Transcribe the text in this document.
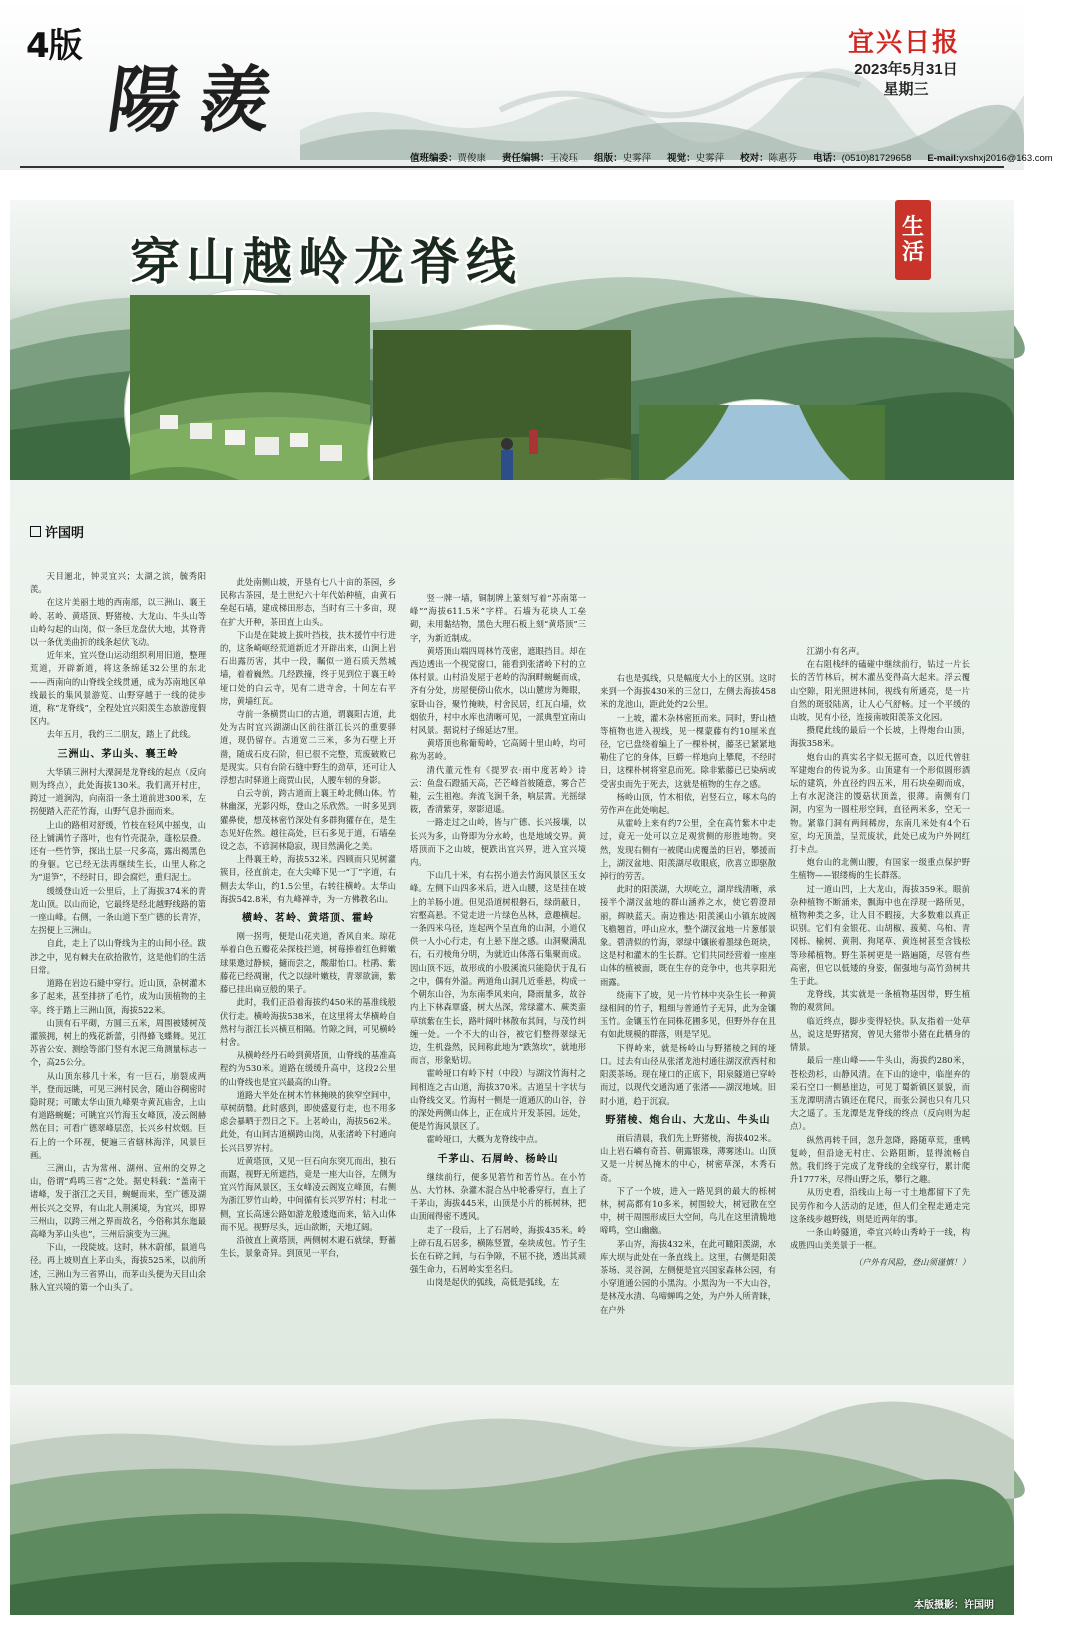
4版
陽羨
宜兴日报
2023年5月31日
星期三
值班编委：贾俊康 责任编辑：王凌珏 组版：史雾萍 视觉：史雾萍 校对：陈惠芬 电话：(0510)81729658 E-mail:yxshxj2016@163.com
穿山越岭龙脊线
生
活
许国明

天目逦北，钟灵宜兴；太湖之滨，毓秀阳羡。

在这片美丽土地的西南部，以三洲山、襄王岭、茗岭、黄塔顶、野猪棱、大龙山、牛头山等山岭勾起的山岗，似一条巨龙盘伏大地，其脊背以一条优美曲折的线条起伏飞动。

近年来，宜兴登山运动组织利用旧道，整理荒道，开辟新道，将这条绵延32公里的东北——西南向的山脊线全线贯通，成为苏南地区单线最长的集风景游览、山野穿越于一线的徒步道，称“龙脊线”，全程处宜兴阳羡生态旅游度假区内。

去年五月，我约三二朋友，踏上了此线。

三洲山、茅山头、襄王岭

大华镇三洲村大溧洞是龙脊线的起点（反向则为终点），此处海拔130米。我们离开村庄，跨过一道涧沟，向南沿一条土道前进300米，左拐便踏入茫茫竹海，山野气息扑面而来。

上山的路相对舒缓，竹枝在轻风中摇曳，山径上铺满竹子落叶，也有竹壳混杂，蓬松层叠。还有一些竹笋，探出土层一尺多高，露出褐黑色的身躯。它已经无法再继续生长，山里人称之为“退笋”，不经时日，即会腐烂，重归泥土。

缓缓登山近一公里后，上了海拔374米的青龙山顶。以山而论，它最终是经北越野线路的第一座山峰。右侧，一条山道下至广德的长青岕，左拐便上三洲山。

自此，走上了以山脊线为主的山间小径。跋涉之中，见有棘夫在砍拾散竹，这是他们的生活日常。

道路在岩边石縫中穿行。近山顶，杂树灌木多了起来，甚至排挤了毛竹，成为山顶植物的主宰。终于踏上三洲山顶，海拔522米。

山顶有石平砌，方圆三五米，周围被矮树茂灌簇拥，树上的残花新蕾，引得蜂飞蝶舞。见江苏省公安、测绘等部门竖有水泥三角测量标志一个，高25公分。

从山顶东移几十米，有一巨石，崩裂成两半，登而远眺，可见三洲村民舍，随山谷稠密时隐时现；可瞰太华山顶九峰栗寺黄瓦庙舍，上山有道路蜿蜒；可眺宜兴竹海玉女峰顶，凌云阁赫然在目；可看广德翠峰层峦，长兴乡村炊烟。巨石上的一个环视，便遍三省辖林海洋，风景巨画。

三洲山，古为常州、湖州、宣州的交界之山，俗谓“鸡鸣三省”之处。据史料载：“盖南干诸峰，发于浙江之天目，蜿蜒而来，至广德及湖州长兴之交界，有山北人荆溪境，为宜兴，即界三州山，以跨三州之界而故名，今俗称其东迤最高峰为茅山头也”，三州后演变为三洲。

下山，一段陡坡。这时，林木蔚郁，鼠道鸟径。再上坡则直上茅山头，海拔525米，以前所述，三洲山为三省界山，而茅山头便为天目山余脉入宜兴境的第一个山头了。

此处南侧山坡，开垦有七八十亩的茶园，乡民称古茶园，是土世纪六十年代始种植，由黄石垒起石墙，建成梯田形态，当时有三十多亩，现在扩大开种，茶田直上山头。

下山是在陡坡上拔叶挡枝，扶木援竹中行进的，这条崎岖经荒道新近才开辟出来，山涧上岩石出露历害，其中一段，瞩似一道石质天然城墙，着着巍然。几经跌撞，终于见到位于襄王岭垭口处的白云寺，见有二进寺舍，十间左右平房，黄墙红瓦。

寺前一条横贯山口的古道，谓襄阳古道，此处为古时宜兴湖湖山区前往浙江长兴的重要驿道，现仍留存。古道宽二三米，多为石壁上开凿，随成石皮石阶，但已很不完整，荒废破败已是现实。只有台阶石缝中野生的劲草，还可让人浮想古时驿道上商贾山民，人腰车轫的身影。

白云寺前，跨古道而上襄王岭北侧山体。竹林幽深，光影闪烁，登山之乐欣然。一时多见到獾鼻使，想茂林密竹深处有多群狗獾存在，是生态见好佐然。越往高处，巨石多见于道，石墙垒设之态，不谚洞林隐寂，现目然满化之美。

上得襄王岭，海拔532米。四顾而只见树灌簇目，径直前走，在大尖峰下见一“丁”字道，右侧去太华山，约1.5公里，右转往横岭。太华山海拔542.8米，有九峰禅寺，为一方佛教名山。

横岭、茗岭、黄塔顶、霍岭

刚一拐弯，便是山花夹道，香风自来。琼花举着白色五瓣花朵探枝拦道，树莓捧着红色鲜嫩球果邀过静候，擿而尝之，酸甜怡口。杜鹃、紫藤花已经凋谢，代之以绿叶嫩枝，青翠欲滴，紫藤已挂出扁豆般的果子。

此时，我们正沿着海拔约450米的基准线般伏行走。横岭海拔538米，在这里将太华横岭自然村与浙江长兴横亘相隔。竹隙之间，可见横岭村舍。

从横岭经丹石岭到黄塔顶，山脊线的基准高程约为530米。道路在缓缓升高中，这段2公里的山脊线也是宜兴最高的山脊。

道路大半处在树木竹林掩映的狭窄空间中，草树荫翳。此时感到，即使盛夏行走，也不用多虑会暴晒于烈日之下。上茗岭山，海拔562米。此处，有山间古道横跨山岗，从张渚岭下村通向长兴吕罗岕村。

近黄塔顶，又见一巨石向东突兀而出，独石而踞，视野无所遮挡，竟是一座大山谷，左侧为宜兴竹海风景区，玉女峰凌云阁岌立峰顶，右侧为浙江罗竹山岭，中间循有长兴罗岕村；村北一侧，宜长高速公路如游龙般逶迤而来，钻入山体而不见。视野尽头，远山欲断，天地辽阔。

沿彼直上黄塔顶，两侧树木避石就绿，野蓄生长，景象奇异。到顶见一平台，

竖一牌一墙，铜制牌上篆刻写着“苏南第一峰”“海拔611.5米”字样。石墙为花块人工垒砌，未用黏结物，黑色大理石板上刻“黄塔顶”三字，为新近制成。

黄塔顶山端四周林竹茂密，遮眼挡目。却在西边透出一个视觉窗口，能看到张渚岭下村的立体村景。山村沿发屋于老岭的沟涧畔蜿蜒而成，齐有分处，房屋便傍山依水，以山麓房为舞眼，家卧山谷，聚竹掩映，村舍民居，红瓦白墙，炊烟依升，村中水库也清晰可见，一派典型宜南山村风景。据说村子绵延达7里。

黄塔顶也称葡萄岭，它高阔十里山岭，均可称为茗岭。

清代董元性有《提罗衣·雨中度茗岭》诗云：鱼盘石蹬插天高，芒芒峰首彼随意，雾合芒鞋，云生祖袍。奔流飞涧千条，响层霄。光摇绿筱，香清紫芽，翠影迢遥。

一路走过之山岭，皆与广德、长兴接壤，以长兴为多，山脊即为分水岭，也是地域交界。黄塔顶而下之山坡，便跌出宜兴界，进入宜兴境内。

下山几十米，有右拐小道去竹海风景区玉女峰。左侧下山四多米后，进入山腰，这是挂在坡上的羊肠小道。但见沿道树根磐石，绿荫蔽日，宕壑高悬。不觉走进一片绿色丛林，意趣横起。一条四米乌径，连起两个呈直角的山洞，小道仅供一人小心行走，有上悬下崖之感。山洞聚满乱石，石刃棱角分明，为就近山体落石集聚而成。因山顶不远，故形成的小股溪流只能隐伏于乱石之中，偶有外溢。两道角山洞几近垂悬，构成一个朝东山谷，为东南季风来向，降雨量多，故谷内上下林森覃盛，树大丛深，常绿灌木、蕨类蛮草缤紫在生长，路叶阔叶林散布其间，与茂竹纠缠一处。一个不大的山谷，被它们整得翠绿无边，生机盎然，民间称此地为“跌煞坎”，就地形而言，形象贴切。

霍岭垭口有岭下村（中段）与湖汶竹海村之间相连之古山道，海拔370米。古道呈十字状与山脊线交叉。竹海村一侧是一道通仄的山谷，谷的深处两侧山体上，正在成片开发茶园。远处，便是竹海风景区了。

霍岭垭口，大概为龙脊线中点。

千茅山、石屑岭、杨岭山

继续前行，便多见箬竹和苦竹丛。在小竹丛、大竹林、杂灌木混合丛中轮番穿行，直上了千茅山，海拔445米，山顶是小片的栎树林，把山顶闹得密不透风。

走了一段后，上了石屑岭，海拔435米。岭上碎石乱石居多，横陈竖置，垒块成包。竹子生长在石碎之间，与石争隙，不屈不挠，透出其顽强生命力，石屑岭实至名归。

山岗是起伏的弧线，高低是弧线，左

右也是弧线，只是幅度大小上的区别。这时来到一个海拔430米的三岔口，左侧去海拔458米的龙池山，距此处约2公里。

一上坡，灌木杂林密匝而来。同时，野山楂等植物也进入视线，见一棵蒙藤有约10厘米直径，它已盘绕着编上了一棵朴树，藤茎已紧紧地勒住了它的身体，巨蟒一样地向上攀爬，不经时日，这棵朴树将窒息而死。除非紫藤已已染病或受害虫而先于死去，这就是植物的生存之感。

杨岭山顶，竹木相依，岩竖石立，啄木鸟的劳作声在此处响起。

从霍岭上来有约7公里，全在高竹紫木中走过，竟无一处可以立足观赏侧的形胜地物。突然，发现右侧有一被爬山虎覆盖的巨岩，攀援而上，湖汊盆地、阳羡湖尽收眼底，欣喜立即驱散掉行的劳苦。

此时的阳羡湖，大坝屹立，湖岸线清晰，承接半个湖汊盆地的群山涵养之水，使它碧澄昂丽，辉映蓝天。南边雅达·阳羡溪山小镇东坡阁飞檐翘首，呼山应水，整个湖汊盆地一片葱郁景象。碧清似的竹海，翠绿中镶嵌着墨绿色斑块，这是村和灌木的生长群。它们共同经营着一座座山体的植被面，既在生存的竞争中，也共享阳光雨露。

绕南下了坡，见一片竹林中夹杂生长一种黄绿相间的竹子，粗细与普通竹子无异，此为金镶玉竹。金镶玉竹在同株花圃多见，但野外存在且有如此规模的群落，则是罕见。

下得岭来，就是杨岭山与野猪棱之间的垭口。过去有山径从张渚龙池村通往湖汊洑西村和阳羡茶场。现在垭口的正底下，阳泉隧道已穿岭而过，以现代交通沟通了张渚——湖汊地域。旧时小道，趋于沉寂。

野猪棱、炮台山、大龙山、牛头山

雨后清晨，我们先上野猪棱，海拔402米。山上岩石嶙有奇苔、朝露银珠，薄雾迷山。山顶又是一片树丛掩木的中心，树密草深，木秀石奇。

下了一个坡，进入一路见到的最大的栎树林，树高都有10多米，树围较大，树冠散在空中，树干周围形成巨大空间，鸟儿在这里清脆地啼鸣，空山幽幽。

茅山岕，海拔432米，在此可瞰阳羡湖，水库大坝与此处在一条直线上。这里，右侧是阳羡茶场、灵谷洞，左侧便是宜兴国家森林公园，有小穿道通公园的小黑沟。小黑沟为一不大山谷，是林茂水清、鸟啼蝉鸣之处，为户外人所青睐，在户外

江湖小有名声。

在右阻栈绊的磕碰中继续前行，钻过一片长长的苦竹林后，树木灌丛变得高大起来。浮云覆山空隙，阳光照进林间，视线有所通亮，是一片自然的斑驳陆离，让人心气舒畅。过一个平缓的山坡，见有小径，连接南坡阳羡茶文化园。

攒爬此线的最后一个长坡，上得炮台山顶，海拔358米。

炮台山的真实名字似无据可查，以近代曾驻军建炮台的传说为多。山顶建有一个形似圆形酒坛的建筑，外直径约四五米，用石块垒砌而成，上有水泥浇注的馒菇状顶盖，很薄。南侧有门洞，内室为一圆柱形空间，直径两米多，空无一物。紧靠门洞有两间稀房，东南几米处有4个石室，均无顶盖，呈荒废状，此处已成为户外网红打卡点。

炮台山的北侧山腰，有国家一级重点保护野生植物——银缕梅的生长群落。

过一道山凹，上大龙山，海拔359米。眼前杂种植物不断涌来，飘海中也在浮现一路所见，植物种类之多，让人目不暇接，大多数难以真正识别。它们有金银花、山胡椒、菝葜、乌桕、青冈栎、榆树、黄荆、狗尾草、黄连树甚至含钱松等珍稀植物。野生茶树更是一路遍随，尽管有些高密，但它以低矮的身姿，倔强地与高竹劲树共生于此。

龙脊线，其实就是一条植物基因带，野生植物的观赏间。

临近终点，脚步变得轻快。队友指着一处草丛，说这是野猪窝，曾见大猪带小猪在此栖身的情景。

最后一座山峰——牛头山，海拔约280米，苍松劲杉，山静风清。在下山的途中，临崖弃的采石空口一侧悬崖边，可见丁蜀新镇区景貌，而玉龙潭明清古镇还在爬尺，而张公洞也只有几只大之遥了。玉龙潭是龙脊线的终点（反向则为起点）。

纵然再转千回，忽升忽降，路随草荒，重鸭复岭，但沿途无村庄、公路阻断，显得流畅自然。我们终于完成了龙脊线的全线穿行，累计爬升1777米，尽得山野之乐，攀行之趣。

从历史看，沿线山上每一寸土地都留下了先民劳作和今人活动的足迹，但人们全程走通走完这条线步越野线，则是近两年的事。

一条山岭隧道，牵宜兴岭山秀岭于一线，构成胜四山美美景于一框。

（户外有风险，登山须谨慎！）

本版摄影：许国明
